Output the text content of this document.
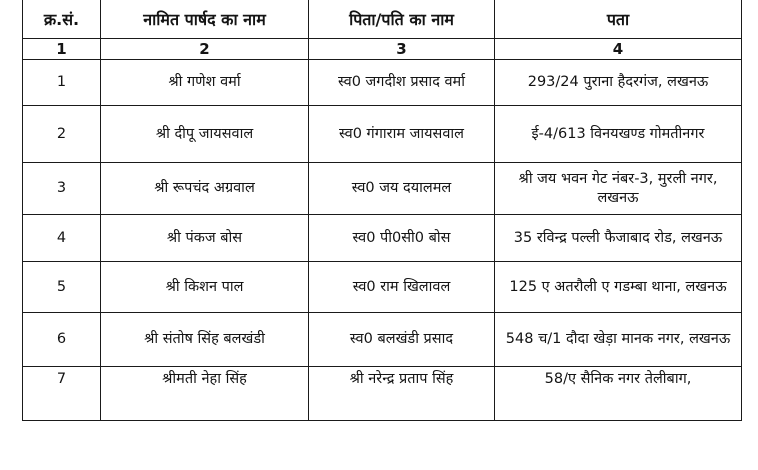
क्र.सं.	नामित पार्षद का नाम	पिता/पति का नाम	पता
1	2	3	4
1	श्री गणेश वर्मा	स्व0 जगदीश प्रसाद वर्मा	293/24 पुराना हैदरगंज, लखनऊ
2	श्री दीपू जायसवाल	स्व0 गंगाराम जायसवाल	ई-4/613 विनयखण्ड गोमतीनगर
3	श्री रूपचंद अग्रवाल	स्व0 जय दयालमल	श्री जय भवन गेट नंबर-3, मुरली नगर, लखनऊ
4	श्री पंकज बोस	स्व0 पी0सी0 बोस	35 रविन्द्र पल्ली फैजाबाद रोड, लखनऊ
5	श्री किशन पाल	स्व0 राम खिलावल	125 ए अतरौली ए गडम्बा थाना, लखनऊ
6	श्री संतोष सिंह बलखंडी	स्व0 बलखंडी प्रसाद	548 च/1 दौदा खेड़ा मानक नगर, लखनऊ
7	श्रीमती नेहा सिंह	श्री नरेन्द्र प्रताप सिंह	58/ए सैनिक नगर तेलीबाग,
